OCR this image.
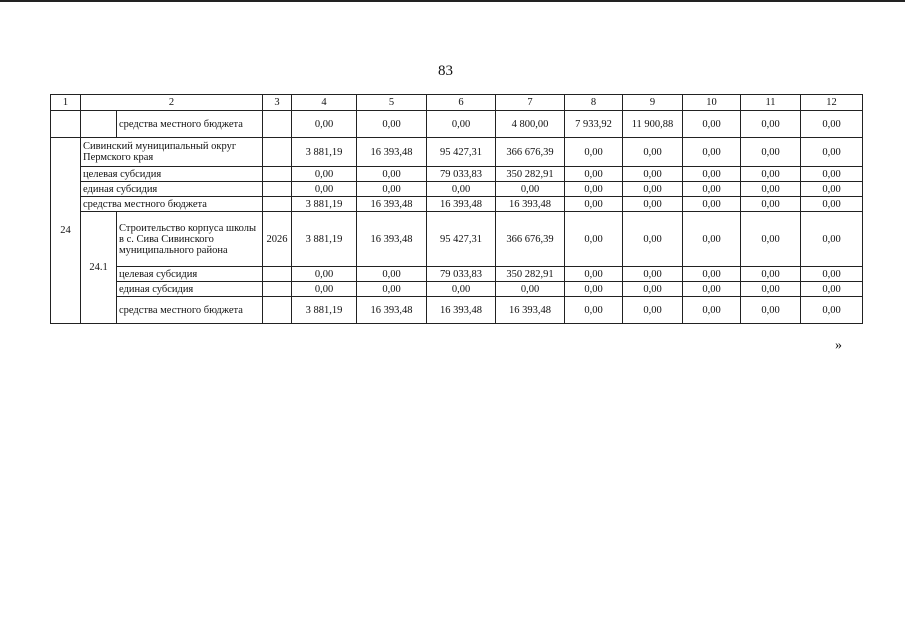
83
1	2		3	4	5	6	7	8	9	10	11	12
		средства местного бюджета		0,00	0,00	0,00	4 800,00	7 933,92	11 900,88	0,00	0,00	0,00
24	Сивинский муниципальный округ Пермского края			3 881,19	16 393,48	95 427,31	366 676,39	0,00	0,00	0,00	0,00	0,00
	целевая субсидия			0,00	0,00	79 033,83	350 282,91	0,00	0,00	0,00	0,00	0,00
	единая субсидия			0,00	0,00	0,00	0,00	0,00	0,00	0,00	0,00	0,00
	средства местного бюджета			3 881,19	16 393,48	16 393,48	16 393,48	0,00	0,00	0,00	0,00	0,00
	24.1	Строительство корпуса школы в с. Сива Сивинского муниципального района	2026	3 881,19	16 393,48	95 427,31	366 676,39	0,00	0,00	0,00	0,00	0,00
		целевая субсидия		0,00	0,00	79 033,83	350 282,91	0,00	0,00	0,00	0,00	0,00
		единая субсидия		0,00	0,00	0,00	0,00	0,00	0,00	0,00	0,00	0,00
		средства местного бюджета		3 881,19	16 393,48	16 393,48	16 393,48	0,00	0,00	0,00	0,00	0,00
»
